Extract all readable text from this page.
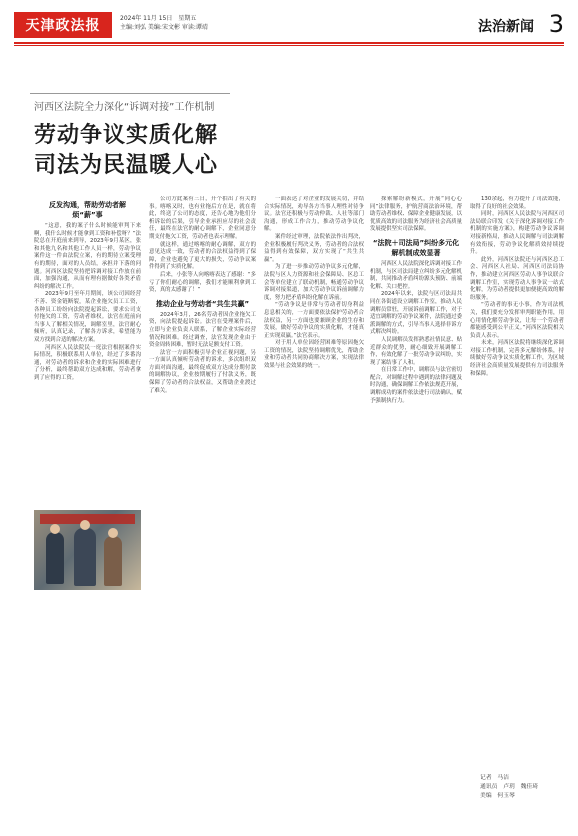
天津政法报	2024年 11月 15日　星期五
主编:刘弘 美编:宋文彬 审读:谭靖	法治新闻 3
河西区法院全力深化“诉调对接”工作机制
劳动争议实质化解
司法为民温暖人心
反发沟通，帮助劳动者解烦“薪”事

“这意，我的案子什么时候能审判下来啊，我什么时候才能拿到工资和补偿呀？”法院总在开庭前来到导，2023年9月某区，张和其他九名和其他工作人员一样，劳动争议案件这一件由法院立案，有的期待立案受理有的期待，面对的人员结，承担并下落的问题。河西区法院坚持把诉调对接工作放在前面，加强沟通，从而有理有据做好各类矛盾纠纷的解决工作。

2023年9月至年月期间，该公司因经营不善、资金链断裂，某企业拖欠员工工资，各种员工纷纷向法院提起诉讼，要求公司支付拖欠的工资，劳动者维权。法官在庭前向当事人了解相关情况，调解室里，法官耐心倾听，认真记录，了解各方诉求，希望能为双方找到合适的解决方案。

河西区人民法院民一庭法官根据案件实际情况，积极联系用人单位，经过了多番沟通，对劳动者的诉求和企业的实际困难进行了分析，最终帮助双方达成和解，劳动者拿到了应得的工资。

公司方此案有三日，开个拍出了有关的事。喀喀又时，也有业拖后方在是，就在将此，终送了公司的态度，还告心地为他们分析诉讼的后果，引导企业承担应尽的社会责任，最终在法官的耐心调解下，企业同意分期支付拖欠工资，劳动者也表示理解。

就这样，通过喀喀的耐心调解，双方的意见达成一致，劳动者的合法权益得到了保障，企业也避免了更大的损失，劳动争议案件得到了实质化解。

后来，小张等人向喀喀表达了感谢：“多亏了你们耐心的调解，我们才能顺利拿到工资，真的太感谢了！”

推动企业与劳动者“共生共赢”

2024年3月，26名劳动者因企业拖欠工资，向法院提起诉讼。法官在受理案件后，立即与企业负责人联系，了解企业实际经营情况和困难。经过调查，法官发现企业由于资金周转困难，暂时无法足额支付工资。

法官一方面积极引导企业正视问题，另一方面认真倾听劳动者的诉求，多次组织双方面对面沟通，最终促成双方达成分期付款的调解协议，企业按期履行了付款义务，既保障了劳动者的合法权益，又帮助企业渡过了难关。

一面表达了对企业的发展关切，并结合实际情况，劝导各方当事人理性对待争议。法官还积极与劳动仲裁、人社等部门沟通，形成工作合力，推动劳动争议化解。

案件经过审理，法院依法作出判决，企业积极履行判决义务，劳动者的合法权益得到有效保障，双方实现了“共生共赢”。

为了进一步推动劳动争议多元化解，法院与区人力资源和社会保障局、区总工会等单位建立了联动机制，畅通劳动争议诉调对接渠道，加大劳动争议诉前调解力度，努力把矛盾纠纷化解在诉前。

“劳动争议是非常与劳动者切身利益息息相关的，一方面要依法保护劳动者合法权益，另一方面也要兼顾企业的生存和发展，做好劳动争议的实质化解，才能真正实现双赢。”法官表示。

对于用人单位因经营困难等原因拖欠工资的情况，法院坚持调解优先，帮助企业和劳动者共同协商解决方案，实现法律效果与社会效果的统一。

探索解纷新模式，开展“同心心同”法律服务，护航营商法治环境，帮助劳动者维权、保障企业健康发展，以优质高效的司法服务为经济社会高质量发展提供坚实司法保障。

“法院＋司法局”纠纷多元化解机制成效显著

河西区人民法院深化诉调对接工作机制，与区司法局建立纠纷多元化解机制，共同推动矛盾纠纷源头预防、前端化解、关口把控。

2024年以来，法院与区司法局共同在各街道设立调解工作室，推动人民调解员常驻，开展诉前调解工作，对于适宜调解的劳动争议案件，法院通过委派调解的方式，引导当事人选择非诉方式解决纠纷。

人民调解员发挥熟悉社情民意、贴近群众的优势，耐心细致开展调解工作，有效化解了一批劳动争议纠纷，实现了案结事了人和。

在日常工作中，调解员与法官密切配合，对调解过程中遇到的法律问题及时沟通，确保调解工作依法规范开展，调解成功的案件依法进行司法确认，赋予强制执行力。

130余起，有力提升了司法效能，取得了良好的社会效果。

同时，河西区人民法院与河西区司法局联合印发《关于深化诉调对接工作机制的实施方案》，构建劳动争议诉调对接新格局，推动人民调解与司法调解有效衔接，劳动争议化解质效持续提升。

此外，河西区法院还与河西区总工会、河西区人社局、河西区司法局协作，推动建立河西区劳动人事争议联合调解工作室，实现劳动人事争议一站式化解，为劳动者提供更加便捷高效的解纷服务。

“劳动者的事无小事，作为司法机关，我们要充分发挥审判职能作用，用心用情化解劳动争议，让每一个劳动者都能感受到公平正义。”河西区法院相关负责人表示。

未来，河西区法院将继续深化诉调对接工作机制，完善多元解纷体系，持续做好劳动争议实质化解工作，为区域经济社会高质量发展提供有力司法服务和保障。

记者　马洁
通讯员　卢玥　魏佳琦
美编　何玉琴
